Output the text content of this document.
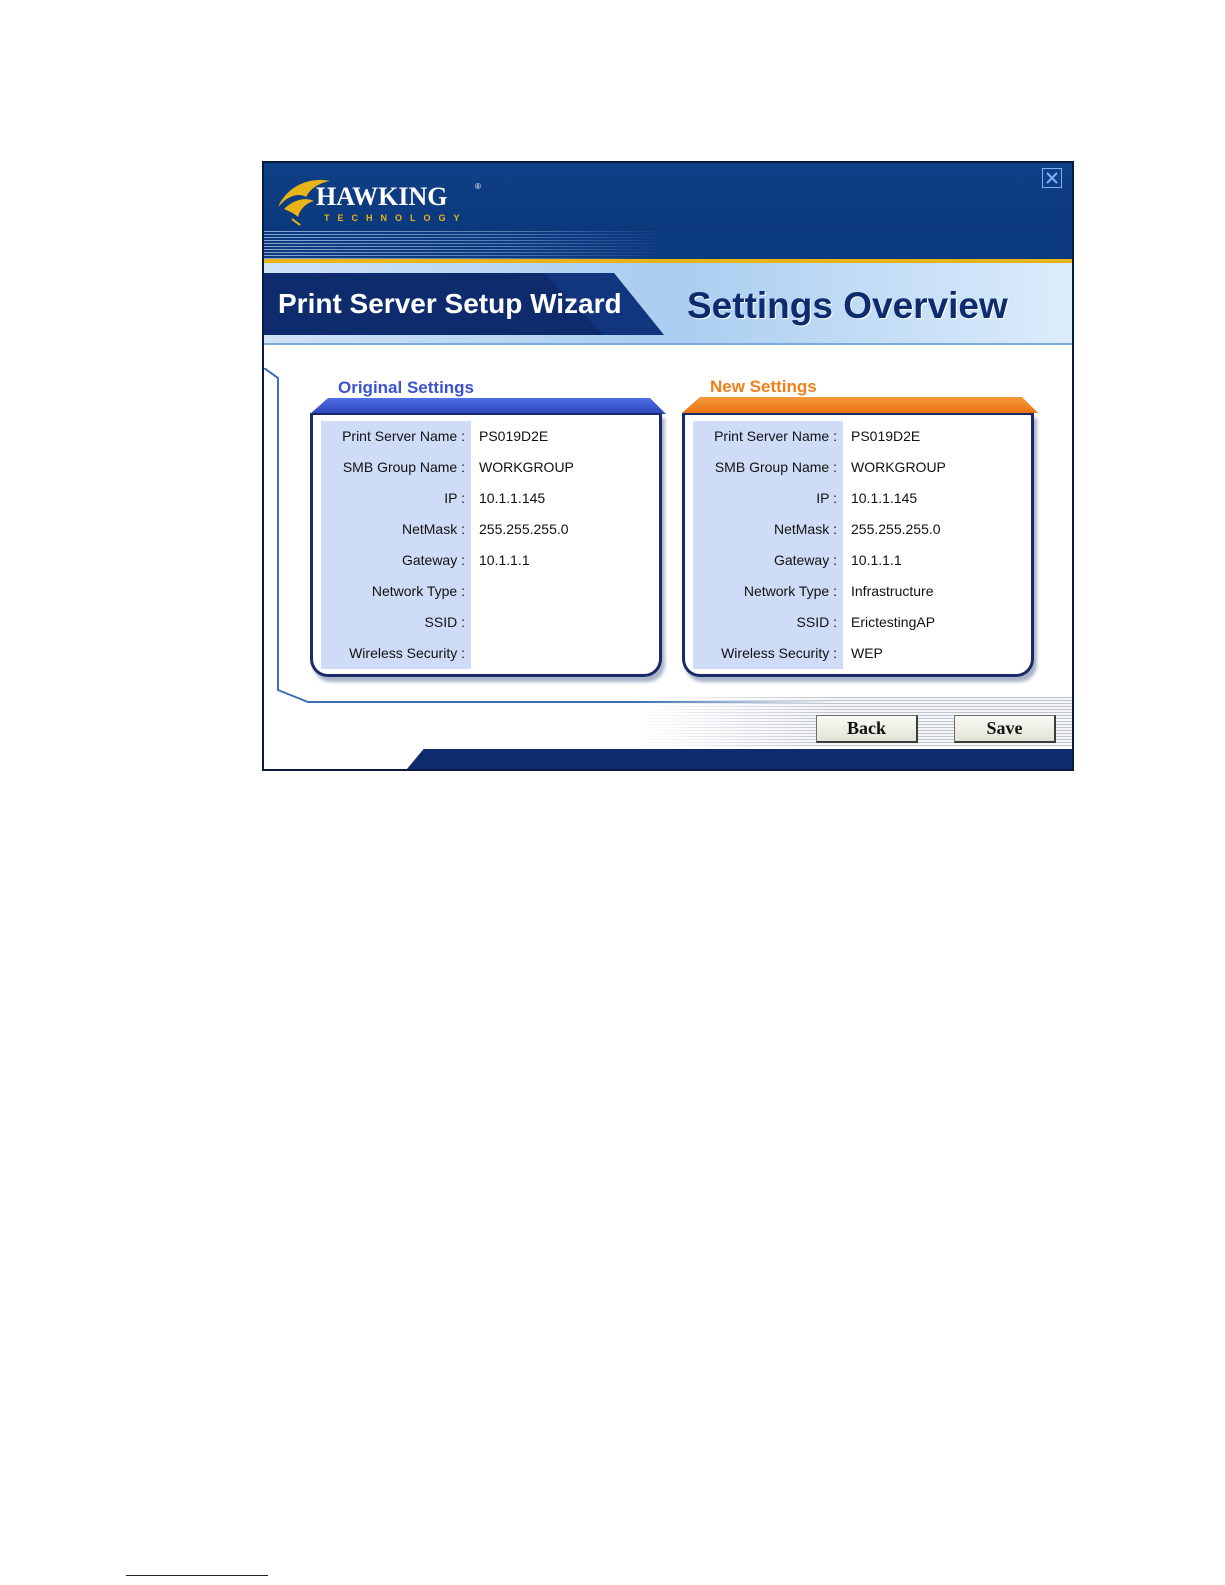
HAWKING
TECHNOLOGY
®
Print Server Setup Wizard Settings Overview
Original Settings
Print Server Name : PS019D2E
SMB Group Name : WORKGROUP
IP : 10.1.1.145
NetMask : 255.255.255.0
Gateway : 10.1.1.1
Network Type :
SSID :
Wireless Security :
New Settings
Print Server Name : PS019D2E
SMB Group Name : WORKGROUP
IP : 10.1.1.145
NetMask : 255.255.255.0
Gateway : 10.1.1.1
Network Type : Infrastructure
SSID : ErictestingAP
Wireless Security : WEP
Back	Save
